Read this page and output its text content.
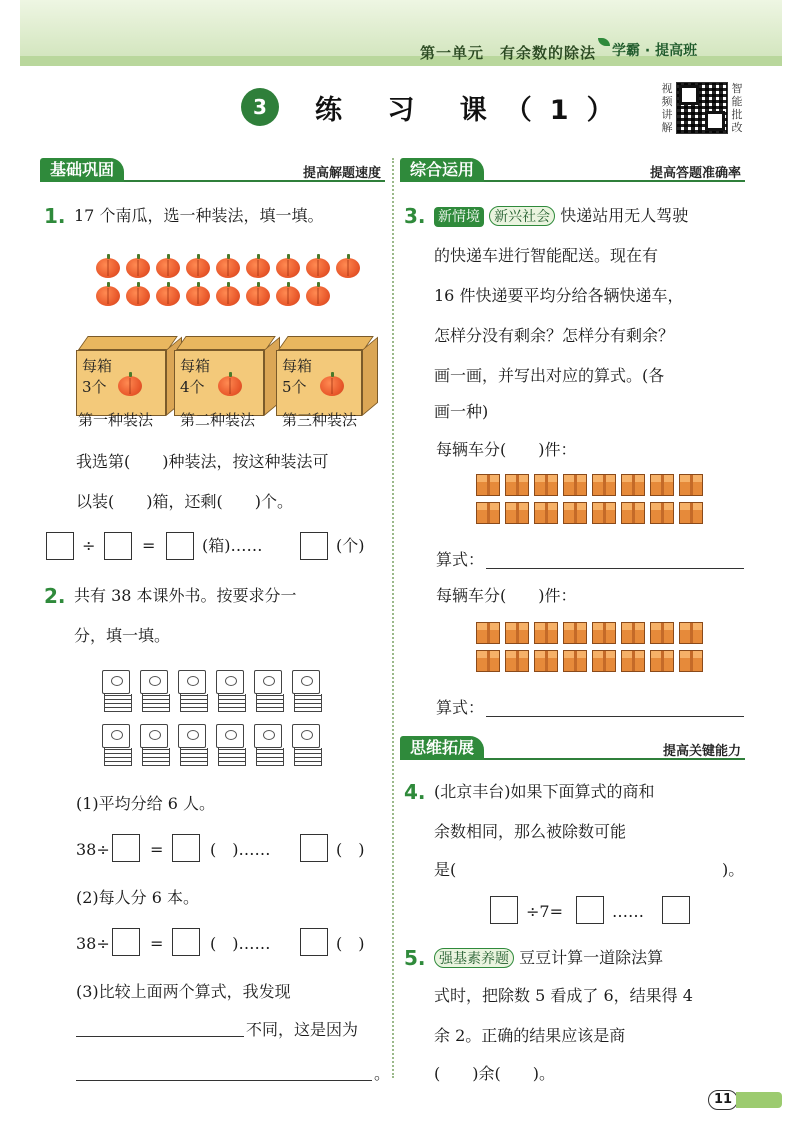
第一单元　有余数的除法 学霸 · 提高班
3	练 习 课（1）
视频讲解
智能批改
基础巩固	提高解题速度
1. 17 个南瓜，选一种装法，填一填。
每箱
3个
每箱
4个
每箱
5个
第一种装法 第二种装法 第三种装法
我选第(　　)种装法，按这种装法可
以装(　　)箱，还剩(　　)个。
÷	=	(箱)……	(个)
2. 共有 38 本课外书。按要求分一
分，填一填。
(1)平均分给 6 人。
38÷	=	(　)……	(　)
(2)每人分 6 本。
38÷	=	(　)……	(　)
(3)比较上面两个算式，我发现
不同，这是因为
。
综合运用	提高答题准确率
3. 新情境 新兴社会 快递站用无人驾驶
的快递车进行智能配送。现在有
16 件快递要平均分给各辆快递车，
怎样分没有剩余？怎样分有剩余？
画一画，并写出对应的算式。(各
画一种)
每辆车分(　　)件：
算式：
每辆车分(　　)件：
算式：
思维拓展	提高关键能力
4. (北京丰台)如果下面算式的商和
余数相同，那么被除数可能
是(	)。
÷7=	……
5. 强基素养题 豆豆计算一道除法算
式时，把除数 5 看成了 6，结果得 4
余 2。正确的结果应该是商
(　　)余(　　)。
11
